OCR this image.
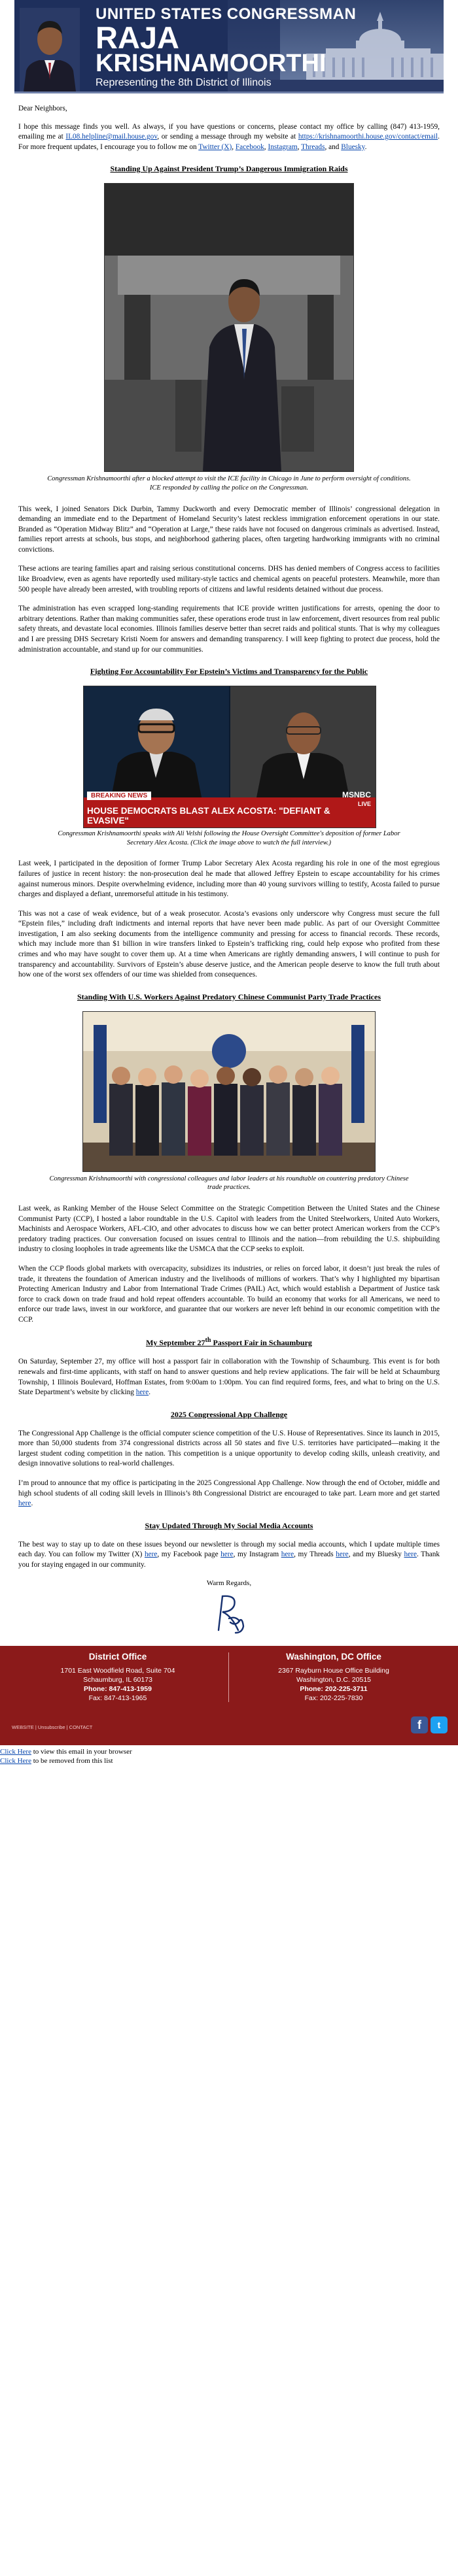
UNITED STATES CONGRESSMAN
RAJA
KRISHNAMOORTHI
Representing the 8th District of Illinois

Dear Neighbors,

I hope this message finds you well. As always, if you have questions or concerns, please contact my office by calling (847) 413-1959, emailing me at IL08.helpline@mail.house.gov, or sending a message through my website at https://krishnamoorthi.house.gov/contact/email. For more frequent updates, I encourage you to follow me on Twitter (X), Facebook, Instagram, Threads, and Bluesky.

Standing Up Against President Trump’s Dangerous Immigration Raids
Congressman Krishnamoorthi after a blocked attempt to visit the ICE facility in Chicago in June to perform oversight of conditions. ICE responded by calling the police on the Congressman.

This week, I joined Senators Dick Durbin, Tammy Duckworth and every Democratic member of Illinois’ congressional delegation in demanding an immediate end to the Department of Homeland Security’s latest reckless immigration enforcement operations in our state. Branded as “Operation Midway Blitz” and “Operation at Large,” these raids have not focused on dangerous criminals as advertised. Instead, families report arrests at schools, bus stops, and neighborhood gathering places, often targeting hardworking immigrants with no criminal convictions.

These actions are tearing families apart and raising serious constitutional concerns. DHS has denied members of Congress access to facilities like Broadview, even as agents have reportedly used military-style tactics and chemical agents on peaceful protesters. Meanwhile, more than 500 people have already been arrested, with troubling reports of citizens and lawful residents detained without due process.

The administration has even scrapped long-standing requirements that ICE provide written justifications for arrests, opening the door to arbitrary detentions. Rather than making communities safer, these operations erode trust in law enforcement, divert resources from real public safety threats, and devastate local economies. Illinois families deserve better than secret raids and political stunts. That is why my colleagues and I are pressing DHS Secretary Kristi Noem for answers and demanding transparency. I will keep fighting to protect due process, hold the administration accountable, and stand up for our communities.

Fighting For Accountability For Epstein’s Victims and Transparency for the Public
BREAKING NEWS	MSNBC
LIVE
HOUSE DEMOCRATS BLAST ALEX ACOSTA: "DEFIANT & EVASIVE"
Congressman Krishnamoorthi speaks with Ali Velshi following the House Oversight Committee's deposition of former Labor Secretary Alex Acosta. (Click the image above to watch the full interview.)

Last week, I participated in the deposition of former Trump Labor Secretary Alex Acosta regarding his role in one of the most egregious failures of justice in recent history: the non-prosecution deal he made that allowed Jeffrey Epstein to escape accountability for his crimes against numerous minors. Despite overwhelming evidence, including more than 40 young survivors willing to testify, Acosta failed to pursue charges and displayed a defiant, unremorseful attitude in his testimony.

This was not a case of weak evidence, but of a weak prosecutor. Acosta’s evasions only underscore why Congress must secure the full “Epstein files,” including draft indictments and internal reports that have never been made public. As part of our Oversight Committee investigation, I am also seeking documents from the intelligence community and pressing for access to financial records. These records, which may include more than $1 billion in wire transfers linked to Epstein’s trafficking ring, could help expose who profited from these crimes and who may have sought to cover them up. At a time when Americans are rightly demanding answers, I will continue to push for transparency and accountability. Survivors of Epstein’s abuse deserve justice, and the American people deserve to know the full truth about how one of the worst sex offenders of our time was shielded from consequences.

Standing With U.S. Workers Against Predatory Chinese Communist Party Trade Practices
Congressman Krishnamoorthi with congressional colleagues and labor leaders at his roundtable on countering predatory Chinese trade practices.

Last week, as Ranking Member of the House Select Committee on the Strategic Competition Between the United States and the Chinese Communist Party (CCP), I hosted a labor roundtable in the U.S. Capitol with leaders from the United Steelworkers, United Auto Workers, Machinists and Aerospace Workers, AFL-CIO, and other advocates to discuss how we can better protect American workers from the CCP’s predatory trading practices. Our conversation focused on issues central to Illinois and the nation—from rebuilding the U.S. shipbuilding industry to closing loopholes in trade agreements like the USMCA that the CCP seeks to exploit.

When the CCP floods global markets with overcapacity, subsidizes its industries, or relies on forced labor, it doesn’t just break the rules of trade, it threatens the foundation of American industry and the livelihoods of millions of workers. That’s why I highlighted my bipartisan Protecting American Industry and Labor from International Trade Crimes (PAIL) Act, which would establish a Department of Justice task force to crack down on trade fraud and hold repeat offenders accountable. To build an economy that works for all Americans, we need to enforce our trade laws, invest in our workforce, and guarantee that our workers are never left behind in our economic competition with the CCP.

My September 27th Passport Fair in Schaumburg

On Saturday, September 27, my office will host a passport fair in collaboration with the Township of Schaumburg. This event is for both renewals and first-time applicants, with staff on hand to answer questions and help review applications. The fair will be held at Schaumburg Township, 1 Illinois Boulevard, Hoffman Estates, from 9:00am to 1:00pm. You can find required forms, fees, and what to bring on the U.S. State Department’s website by clicking here.

2025 Congressional App Challenge

The Congressional App Challenge is the official computer science competition of the U.S. House of Representatives. Since its launch in 2015, more than 50,000 students from 374 congressional districts across all 50 states and five U.S. territories have participated—making it the largest student coding competition in the nation. This competition is a unique opportunity to develop coding skills, unleash creativity, and design innovative solutions to real-world challenges.

I’m proud to announce that my office is participating in the 2025 Congressional App Challenge. Now through the end of October, middle and high school students of all coding skill levels in Illinois’s 8th Congressional District are encouraged to take part. Learn more and get started here.

Stay Updated Through My Social Media Accounts

The best way to stay up to date on these issues beyond our newsletter is through my social media accounts, which I update multiple times each day. You can follow my Twitter (X) here, my Facebook page here, my Instagram here, my Threads here, and my Bluesky here. Thank you for staying engaged in our community.

Warm Regards,
District Office
1701 East Woodfield Road, Suite 704
Schaumburg, IL 60173
Phone: 847-413-1959
Fax: 847-413-1965
Washington, DC Office
2367 Rayburn House Office Building
Washington, D.C. 20515
Phone: 202-225-3711
Fax: 202-225-7830
WEBSITE | Unsubscribe | CONTACT	f	t
Click Here to view this email in your browser
Click Here to be removed from this list
